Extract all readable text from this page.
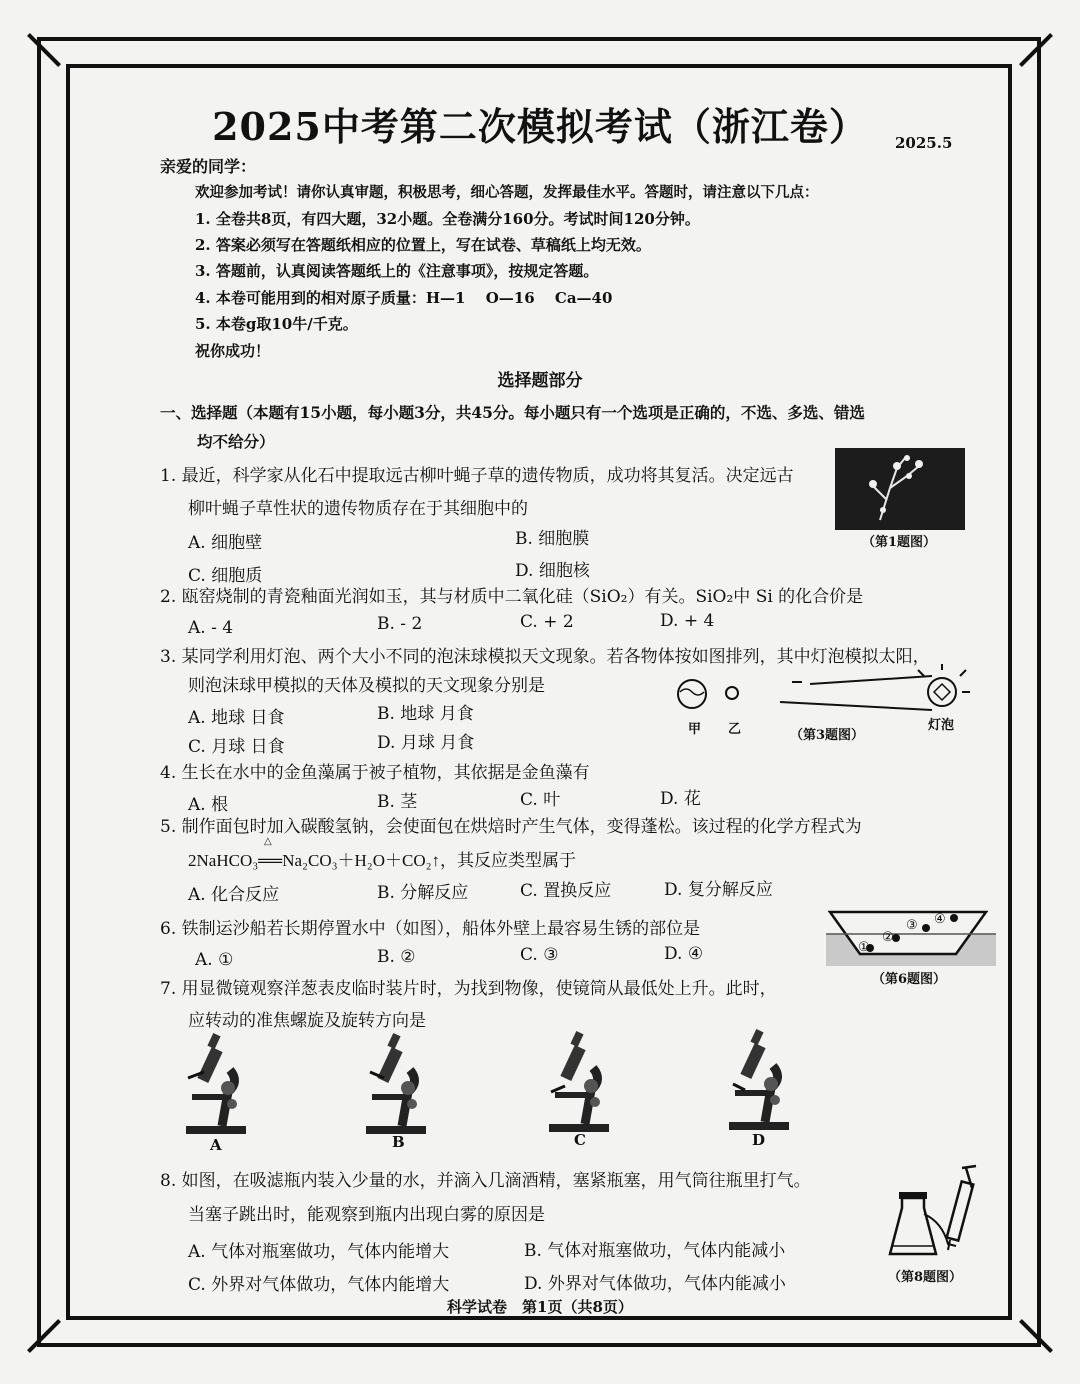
2025中考第二次模拟考试（浙江卷）	2025.5
亲爱的同学：
欢迎参加考试！请你认真审题，积极思考，细心答题，发挥最佳水平。答题时，请注意以下几点：
1. 全卷共8页，有四大题，32小题。全卷满分160分。考试时间120分钟。
2. 答案必须写在答题纸相应的位置上，写在试卷、草稿纸上均无效。
3. 答题前，认真阅读答题纸上的《注意事项》，按规定答题。
4. 本卷可能用到的相对原子质量：H—1　 O—16　 Ca—40
5. 本卷g取10牛/千克。
祝你成功！
选择题部分
一、选择题（本题有15小题，每小题3分，共45分。每小题只有一个选项是正确的，不选、多选、错选
均不给分）
1. 最近，科学家从化石中提取远古柳叶蝇子草的遗传物质，成功将其复活。决定远古
柳叶蝇子草性状的遗传物质存在于其细胞中的
A. 细胞壁	B. 细胞膜
C. 细胞质	D. 细胞核
（第1题图）
2. 瓯窑烧制的青瓷釉面光润如玉，其与材质中二氧化硅（SiO₂）有关。SiO₂中 Si 的化合价是
A. - 4	B. - 2	C. + 2	D. + 4
3. 某同学利用灯泡、两个大小不同的泡沫球模拟天文现象。若各物体按如图排列，其中灯泡模拟太阳，
则泡沫球甲模拟的天体及模拟的天文现象分别是
A. 地球 日食	B. 地球 月食
C. 月球 日食	D. 月球 月食
甲 乙	（第3题图）
灯泡
4. 生长在水中的金鱼藻属于被子植物，其依据是金鱼藻有
A. 根	B. 茎	C. 叶	D. 花
5. 制作面包时加入碳酸氢钠，会使面包在烘焙时产生气体，变得蓬松。该过程的化学方程式为
2NaHCO₃══Na₂CO₃＋H₂O＋CO₂↑，其反应类型属于
△
A. 化合反应	B. 分解反应	C. 置换反应	D. 复分解反应
6. 铁制运沙船若长期停置水中（如图），船体外壁上最容易生锈的部位是
A. ①	B. ②	C. ③	D. ④	①
②
③ ④
（第6题图）
7. 用显微镜观察洋葱表皮临时装片时，为找到物像，使镜筒从最低处上升。此时，
应转动的准焦螺旋及旋转方向是
A	B	C	D
8. 如图，在吸滤瓶内装入少量的水，并滴入几滴酒精，塞紧瓶塞，用气筒往瓶里打气。
当塞子跳出时，能观察到瓶内出现白雾的原因是
A. 气体对瓶塞做功，气体内能增大	B. 气体对瓶塞做功，气体内能减小
C. 外界对气体做功，气体内能增大	D. 外界对气体做功，气体内能减小	（第8题图）
科学试卷　第1页（共8页）
